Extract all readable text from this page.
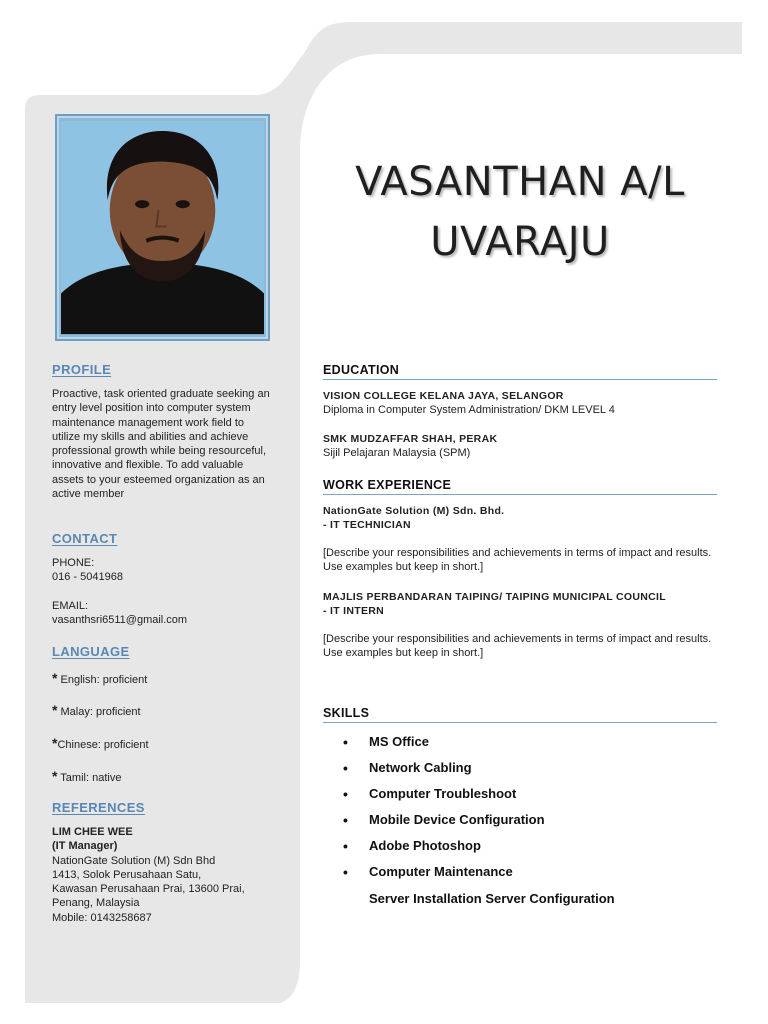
VASANTHAN A/L
UVARAJU
PROFILE
Proactive, task oriented graduate seeking an entry level position into computer system maintenance management work field to utilize my skills and abilities and achieve professional growth while being resourceful, innovative and flexible. To add valuable assets to your esteemed organization as an active member
CONTACT
PHONE:
016 - 5041968
EMAIL:
vasanthsri6511@gmail.com
LANGUAGE
* English: proficient
* Malay: proficient
*Chinese: proficient
* Tamil: native
REFERENCES
LIM CHEE WEE
(IT Manager)
NationGate Solution (M) Sdn Bhd
1413, Solok Perusahaan Satu,
Kawasan Perusahaan Prai, 13600 Prai,
Penang, Malaysia
Mobile: 0143258687
EDUCATION
VISION COLLEGE KELANA JAYA, SELANGOR
Diploma in Computer System Administration/ DKM LEVEL 4
SMK MUDZAFFAR SHAH, PERAK
Sijil Pelajaran Malaysia (SPM)
WORK EXPERIENCE
NationGate Solution (M) Sdn. Bhd.
- IT TECHNICIAN
[Describe your responsibilities and achievements in terms of impact and results. Use examples but keep in short.]
MAJLIS PERBANDARAN TAIPING/ TAIPING MUNICIPAL COUNCIL
- IT INTERN
[Describe your responsibilities and achievements in terms of impact and results. Use examples but keep in short.]
SKILLS
• MS Office
• Network Cabling
• Computer Troubleshoot
• Mobile Device Configuration
• Adobe Photoshop
• Computer Maintenance
Server Installation Server Configuration
